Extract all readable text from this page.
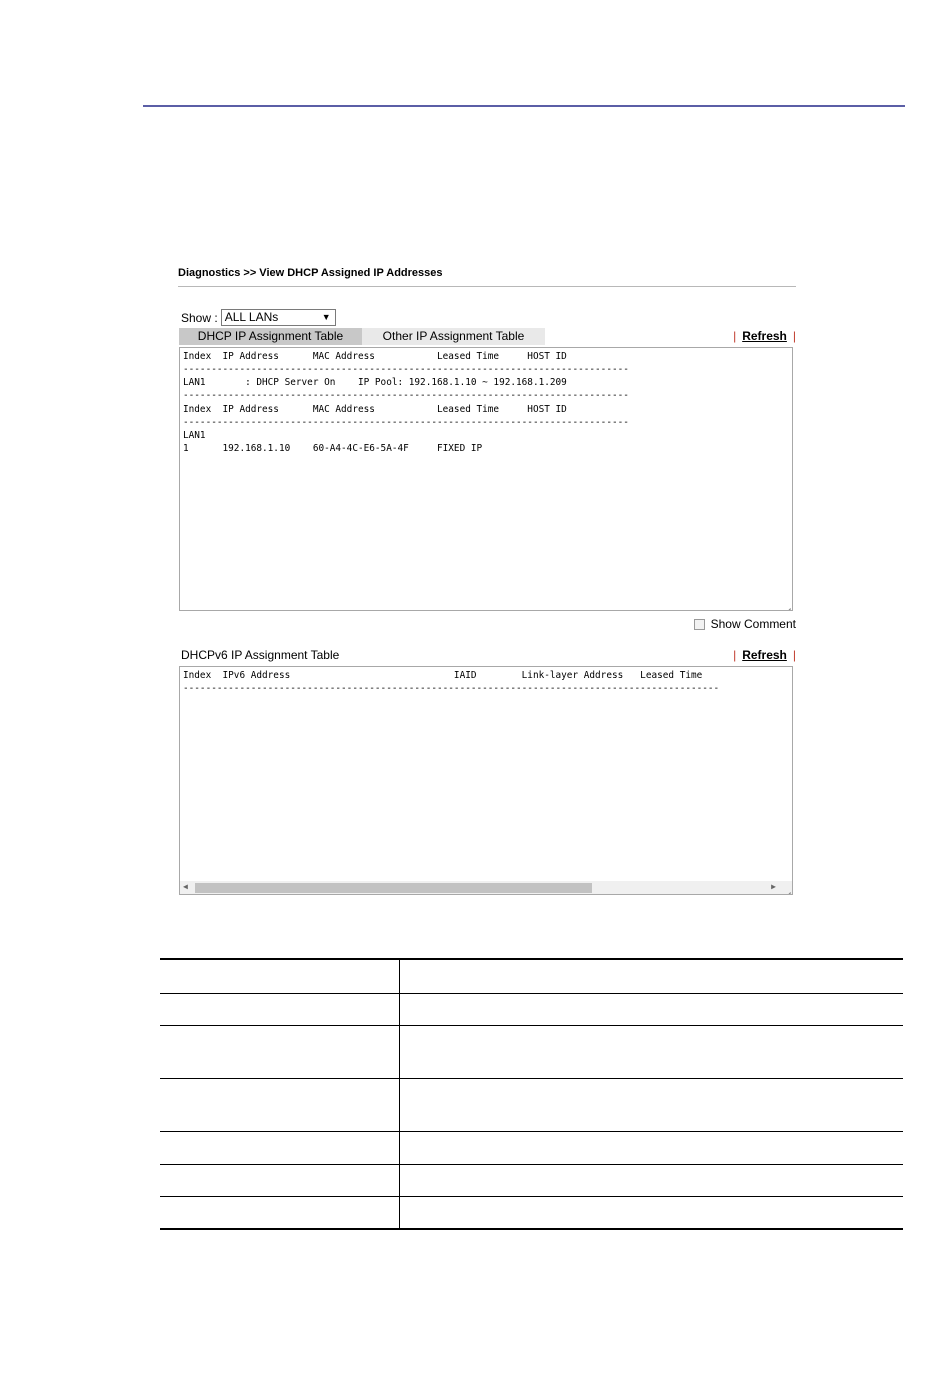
Diagnostics >> View DHCP Assigned IP Addresses
Show : ALL LANs	▼
DHCP IP Assignment Table	Other IP Assignment Table	| Refresh |
Index  IP Address      MAC Address           Leased Time     HOST ID
-------------------------------------------------------------------------------
LAN1       : DHCP Server On    IP Pool: 192.168.1.10 ~ 192.168.1.209
-------------------------------------------------------------------------------
Index  IP Address      MAC Address           Leased Time     HOST ID
-------------------------------------------------------------------------------
LAN1
1      192.168.1.10    60-A4-4C-E6-5A-4F     FIXED IP
Show Comment
DHCPv6 IP Assignment Table	| Refresh |
Index  IPv6 Address                             IAID        Link-layer Address   Leased Time
-----------------------------------------------------------------------------------------------
◀	▶
